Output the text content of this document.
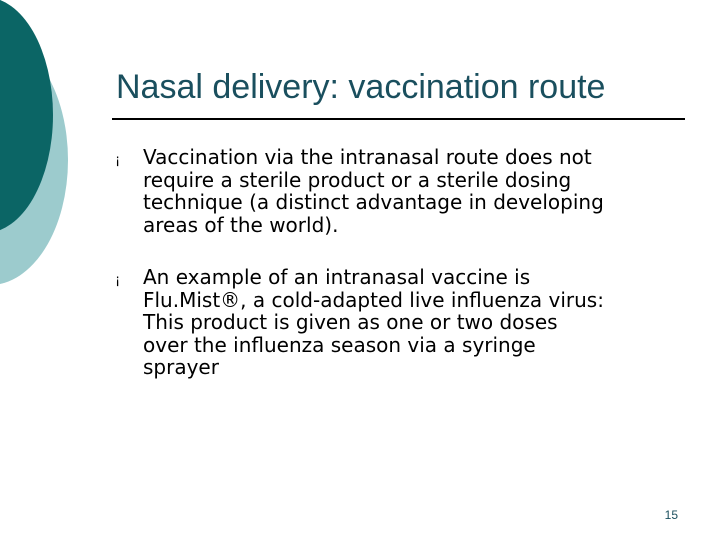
Nasal delivery: vaccination route
¡ Vaccination via the intranasal route does not
require a sterile product or a sterile dosing
technique (a distinct advantage in developing
areas of the world).
¡ An example of an intranasal vaccine is
Flu.Mist®, a cold-adapted live influenza virus:
This product is given as one or two doses
over the influenza season via a syringe
sprayer
15
